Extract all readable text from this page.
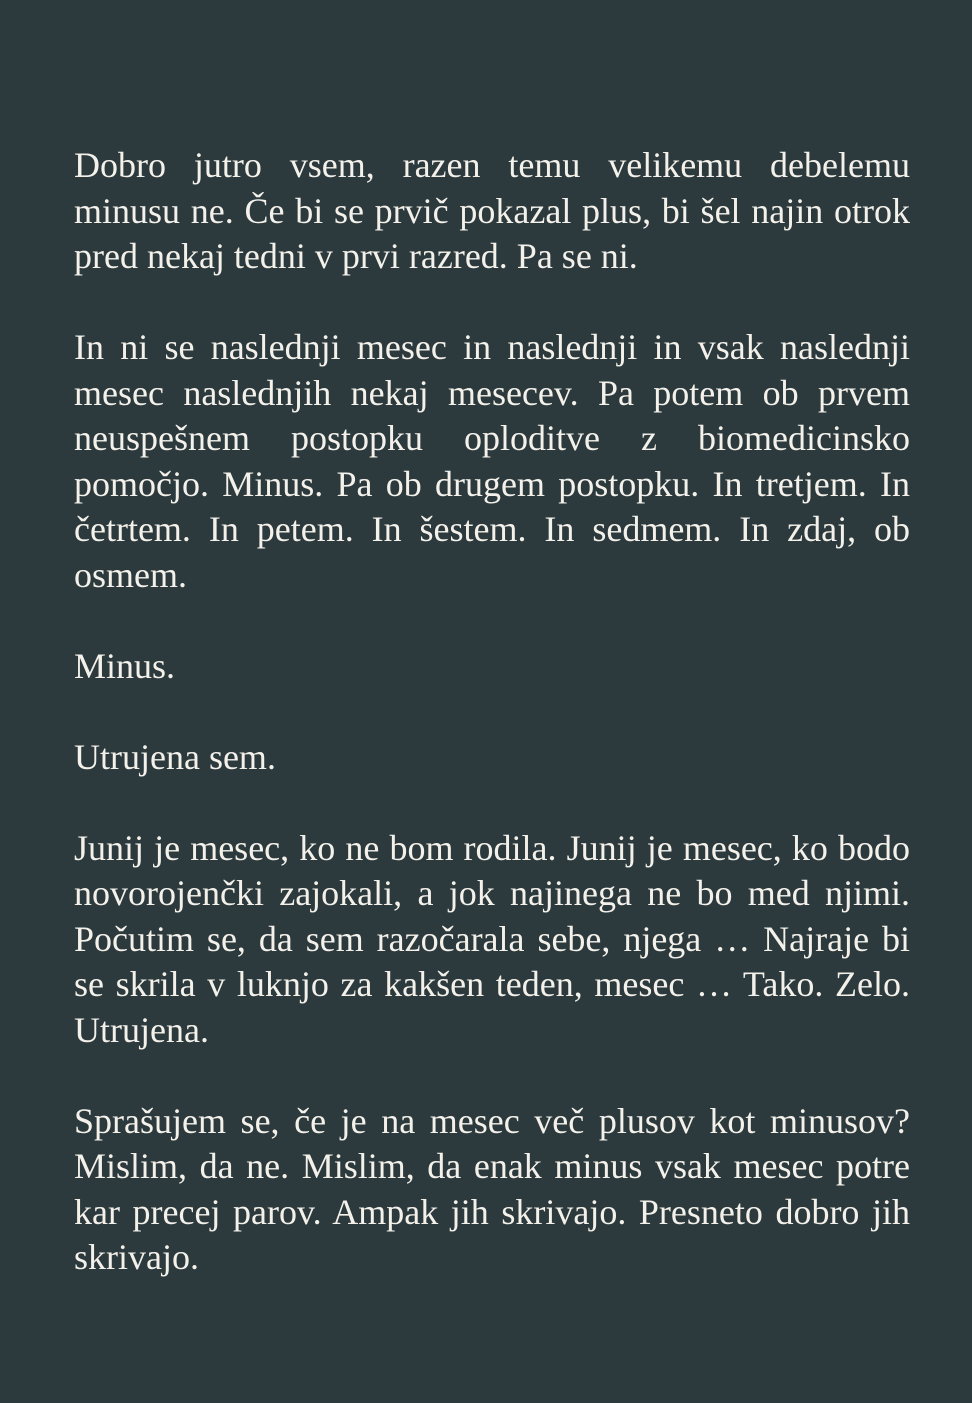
Dobro jutro vsem, razen temu velikemu debelemu minusu ne. Če bi se prvič pokazal plus, bi šel najin otrok pred nekaj tedni v prvi razred. Pa se ni.

In ni se naslednji mesec in naslednji in vsak naslednji mesec naslednjih nekaj mesecev. Pa potem ob prvem neuspešnem postopku oploditve z biomedicinsko pomočjo. Minus. Pa ob drugem postopku. In tretjem. In četrtem. In petem. In šestem. In sedmem. In zdaj, ob osmem.

Minus.

Utrujena sem.

Junij je mesec, ko ne bom rodila. Junij je mesec, ko bodo novorojenčki zajokali, a jok najinega ne bo med njimi. Počutim se, da sem razočarala sebe, njega … Najraje bi se skrila v luknjo za kakšen teden, mesec … Tako. Zelo. Utrujena.

Sprašujem se, če je na mesec več plusov kot minusov? Mislim, da ne. Mislim, da enak minus vsak mesec potre kar precej parov. Ampak jih skrivajo. Presneto dobro jih skrivajo.
